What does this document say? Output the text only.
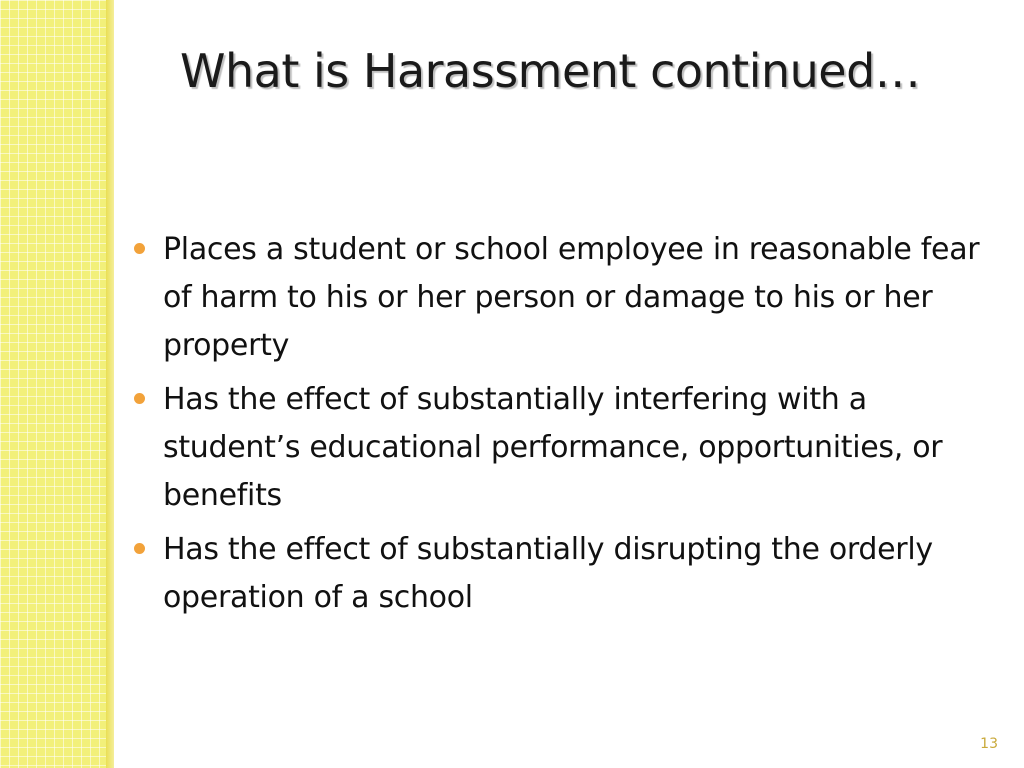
What is Harassment continued…
Places a student or school employee in reasonable fear of harm to his or her person or damage to his or her property
Has the effect of substantially interfering with a student’s educational performance, opportunities, or benefits
Has the effect of substantially disrupting the orderly operation of a school
13
